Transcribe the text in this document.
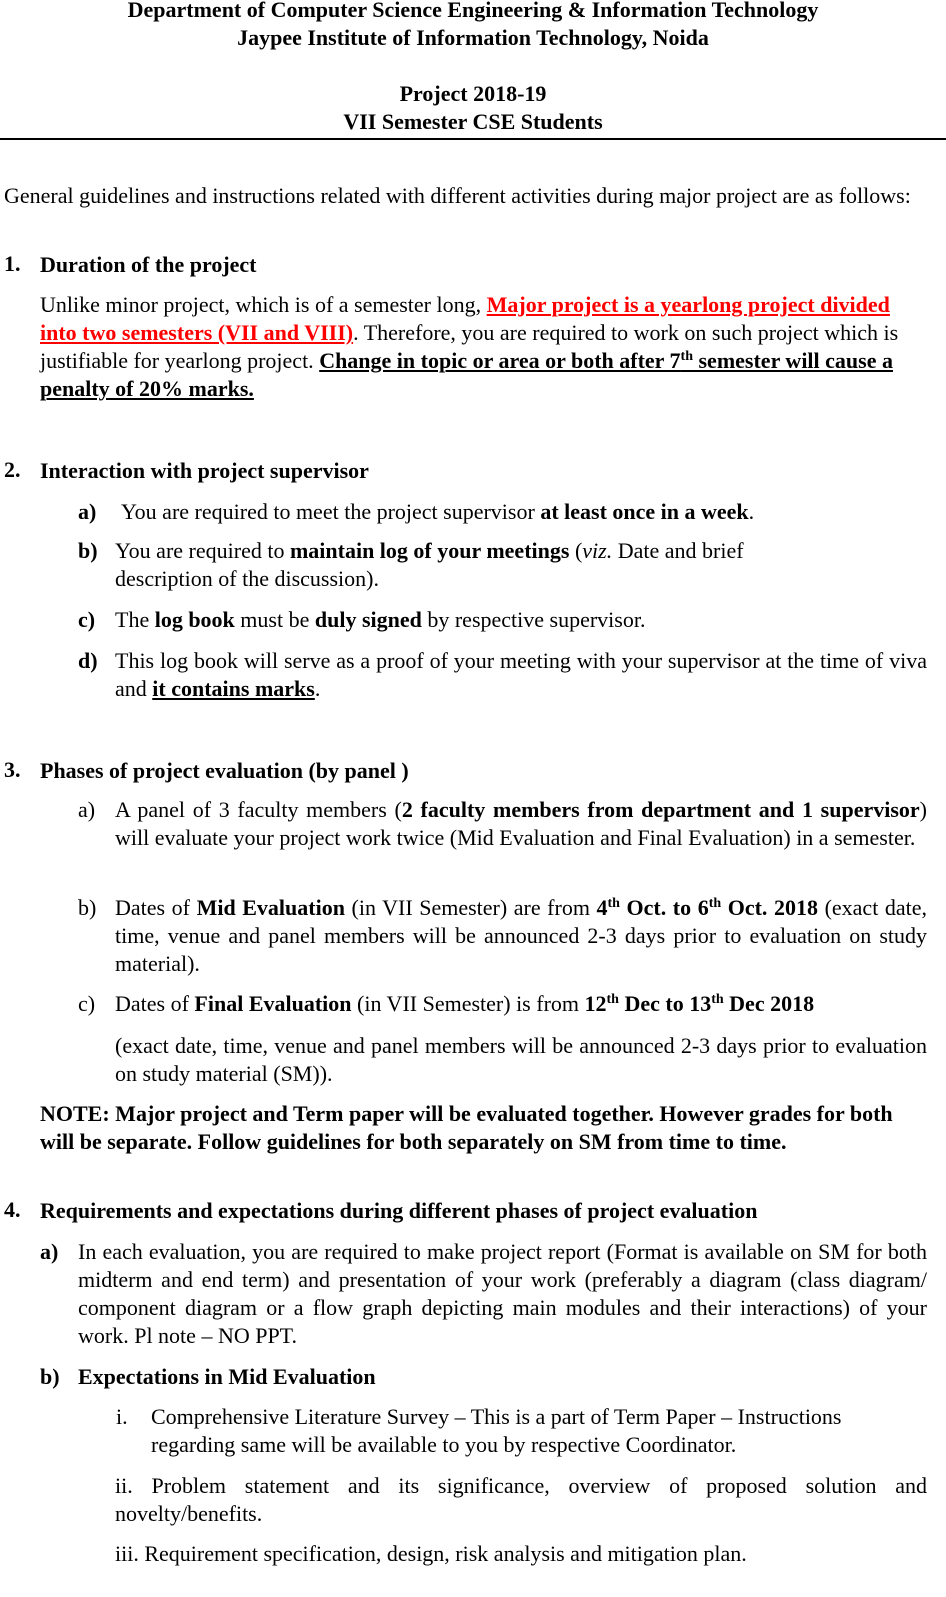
Department of Computer Science Engineering & Information Technology
Jaypee Institute of Information Technology, Noida
Project 2018-19
VII Semester CSE Students
General guidelines and instructions related with different activities during major project are as follows:
1. Duration of the project
Unlike minor project, which is of a semester long, Major project is a yearlong project divided into two semesters (VII and VIII). Therefore, you are required to work on such project which is justifiable for yearlong project. Change in topic or area or both after 7th semester will cause a penalty of 20% marks.
2. Interaction with project supervisor
a) You are required to meet the project supervisor at least once in a week.
b) You are required to maintain log of your meetings (viz. Date and brief description of the discussion).
c) The log book must be duly signed by respective supervisor.
d) This log book will serve as a proof of your meeting with your supervisor at the time of viva and it contains marks.
3. Phases of project evaluation (by panel )
a) A panel of 3 faculty members (2 faculty members from department and 1 supervisor) will evaluate your project work twice (Mid Evaluation and Final Evaluation) in a semester.
b) Dates of Mid Evaluation (in VII Semester) are from 4th Oct. to 6th Oct. 2018 (exact date, time, venue and panel members will be announced 2-3 days prior to evaluation on study material).
c) Dates of Final Evaluation (in VII Semester) is from 12th Dec to 13th Dec 2018
(exact date, time, venue and panel members will be announced 2-3 days prior to evaluation on study material (SM)).
NOTE: Major project and Term paper will be evaluated together. However grades for both will be separate. Follow guidelines for both separately on SM from time to time.
4. Requirements and expectations during different phases of project evaluation
a) In each evaluation, you are required to make project report (Format is available on SM for both midterm and end term) and presentation of your work (preferably a diagram (class diagram/ component diagram or a flow graph depicting main modules and their interactions) of your work. Pl note – NO PPT.
b) Expectations in Mid Evaluation
i. Comprehensive Literature Survey – This is a part of Term Paper – Instructions regarding same will be available to you by respective Coordinator.
ii. Problem statement and its significance, overview of proposed solution and novelty/benefits.
iii. Requirement specification, design, risk analysis and mitigation plan.
